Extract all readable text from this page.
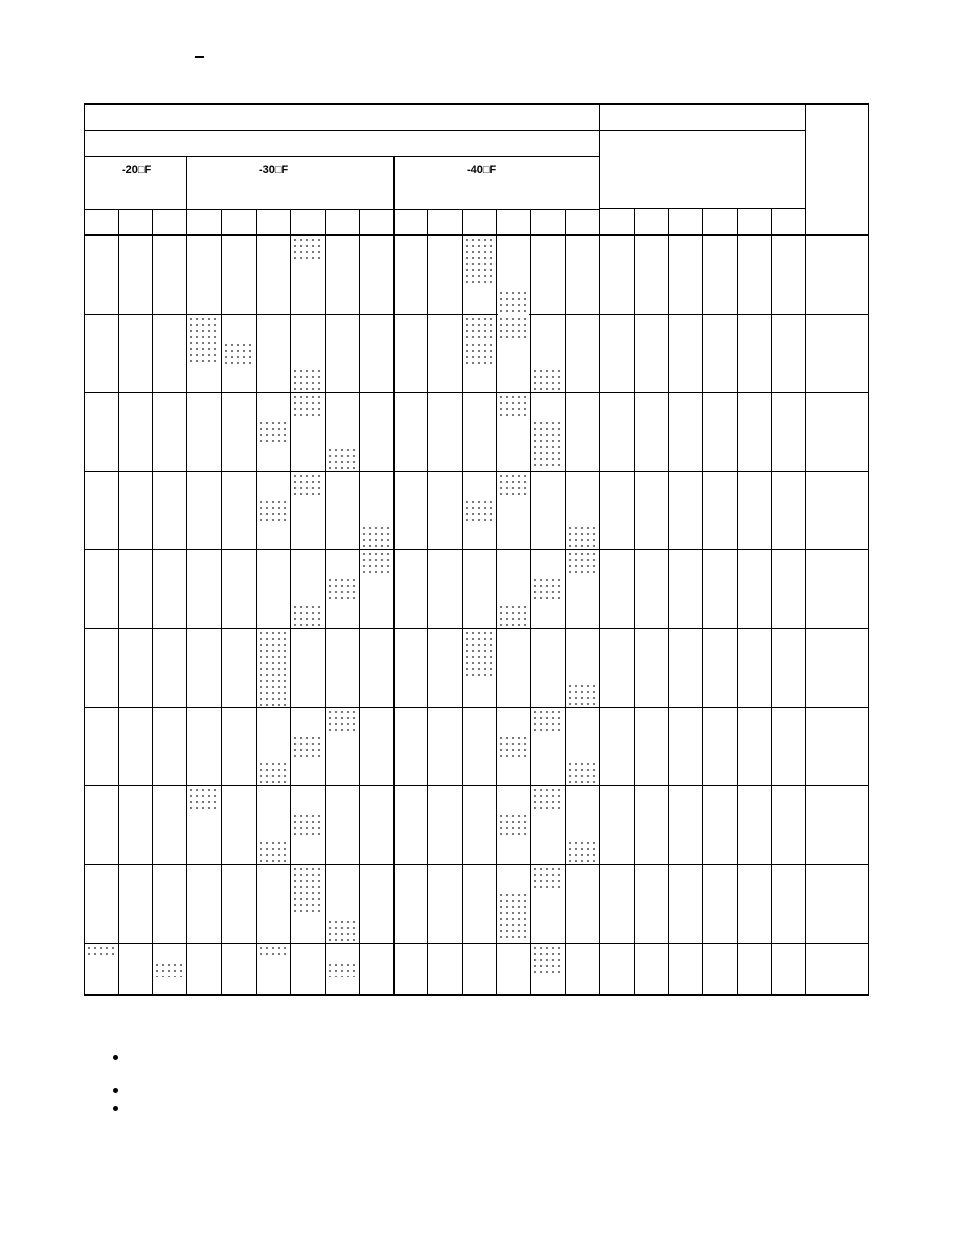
-20□F	-30□F	-40□F
